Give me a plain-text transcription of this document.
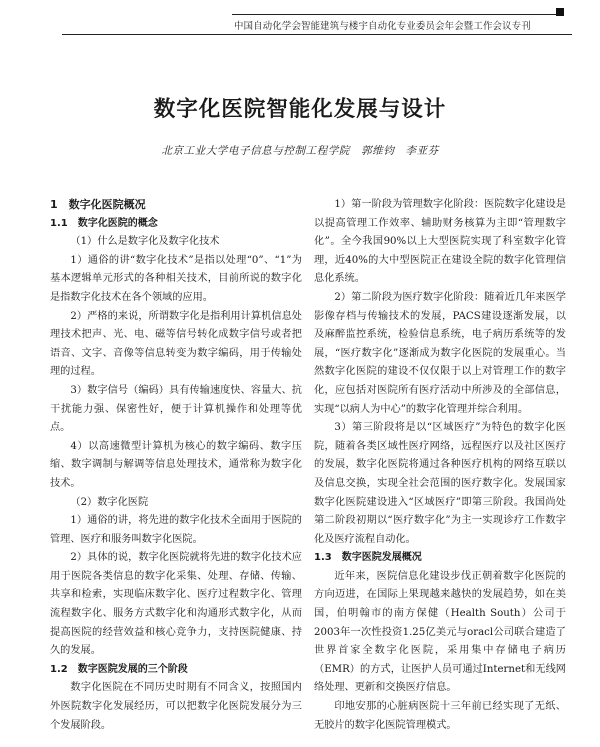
中国自动化学会智能建筑与楼宇自动化专业委员会年会暨工作会议专刊
数字化医院智能化发展与设计
北京工业大学电子信息与控制工程学院　郭维钧　李亚芬

1　数字化医院概况

1.1　数字化医院的概念

（1）什么是数字化及数字化技术

1）通俗的讲“数字化技术”是指以处理“0”、“1”为基本逻辑单元形式的各种相关技术，目前所说的数字化是指数字化技术在各个领域的应用。

2）严格的来说，所谓数字化是指利用计算机信息处理技术把声、光、电、磁等信号转化成数字信号或者把语音、文字、音像等信息转变为数字编码，用于传输处理的过程。

3）数字信号（编码）具有传输速度快、容量大、抗干扰能力强、保密性好，便于计算机操作和处理等优点。

4）以高速微型计算机为核心的数字编码、数字压缩、数字调制与解调等信息处理技术，通常称为数字化技术。

（2）数字化医院

1）通俗的讲，将先进的数字化技术全面用于医院的管理、医疗和服务叫数字化医院。

2）具体的说，数字化医院就将先进的数字化技术应用于医院各类信息的数字化采集、处理、存储、传输、共享和检索，实现临床数字化、医疗过程数字化、管理流程数字化、服务方式数字化和沟通形式数字化，从而提高医院的经营效益和核心竞争力，支持医院健康、持久的发展。

1.2　数字医院发展的三个阶段

数字化医院在不同历史时期有不同含义，按照国内外医院数字化发展经历，可以把数字化医院发展分为三个发展阶段。

1）第一阶段为管理数字化阶段：医院数字化建设是以提高管理工作效率、辅助财务核算为主即“管理数字化”。全今我国90%以上大型医院实现了科室数字化管理，近40%的大中型医院正在建设全院的数字化管理信息化系统。

2）第二阶段为医疗数字化阶段：随着近几年来医学影像存档与传输技术的发展，PACS建设逐渐发展，以及麻醉监控系统，检验信息系统，电子病历系统等的发展，“医疗数字化”逐渐成为数字化医院的发展重心。当然数字化医院的建设不仅仅限于以上对管理工作的数字化，应包括对医院所有医疗活动中所涉及的全部信息，实现“以病人为中心”的数字化管理并综合利用。

3）第三阶段将是以“区域医疗”为特色的数字化医院，随着各类区域性医疗网络，远程医疗以及社区医疗的发展，数字化医院将通过各种医疗机构的网络互联以及信息交换，实现全社会范围的医疗数字化。发展国家数字化医院建设进入“区域医疗”即第三阶段。我国尚处第二阶段初期以“医疗数字化”为主一实现诊疗工作数字化及医疗流程自动化。

1.3　数字医院发展概况

近年来，医院信息化建设步伐正朝着数字化医院的方向迈进，在国际上果现越来越快的发展趋势，如在美国，伯明翰市的南方保健（Health South）公司于2003年一次性投资1.25亿美元与oracl公司联合建造了世界首家全数字化医院，采用集中存储电子病历（EMR）的方式，让医护人员可通过Internet和无线网络处理、更新和交换医疗信息。

印地安那的心脏病医院十三年前已经实现了无纸、无胶片的数字化医院管理模式。
